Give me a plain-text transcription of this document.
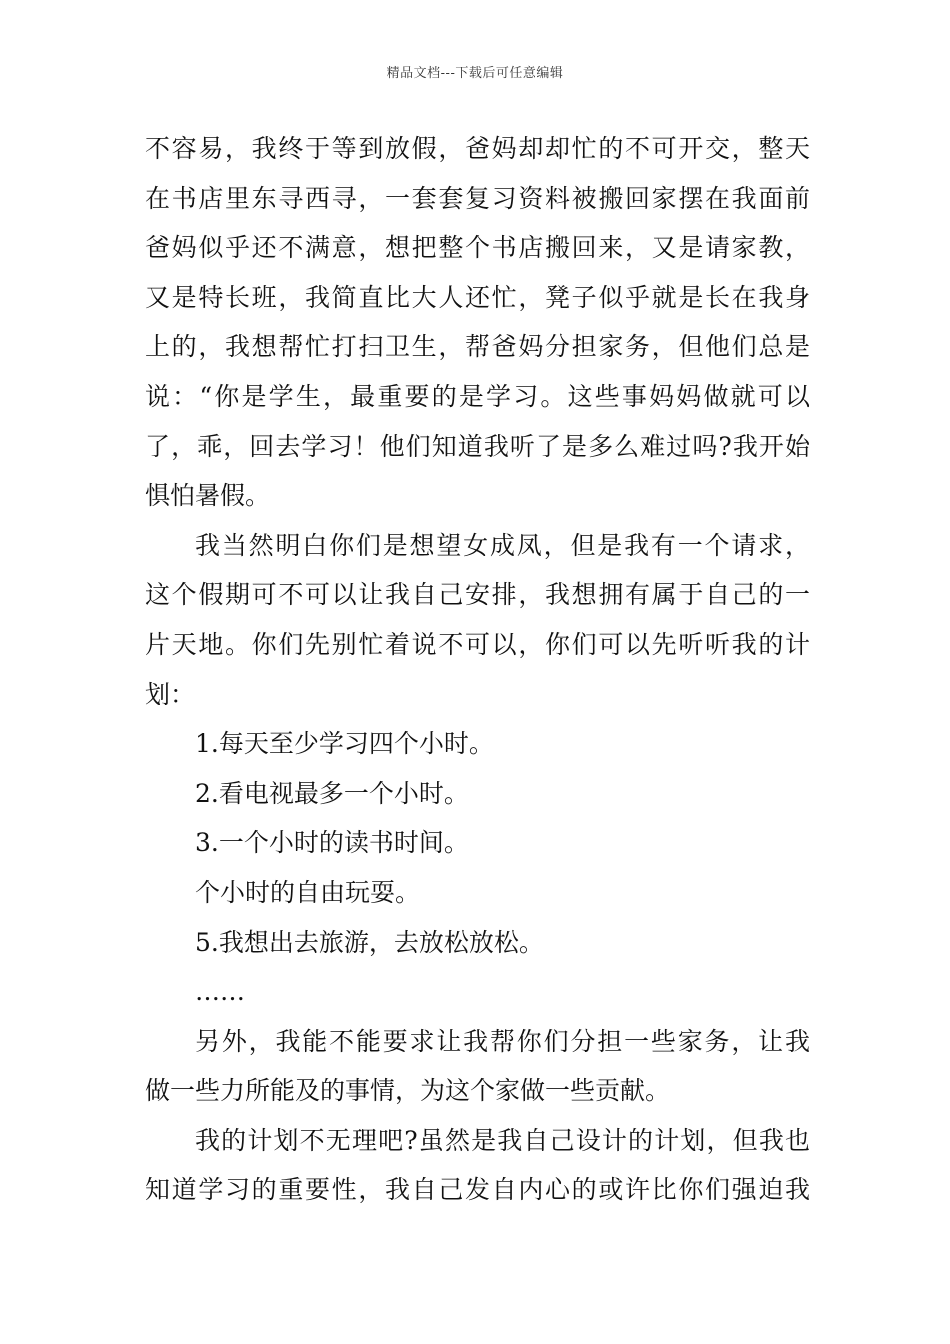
精品文档---下载后可任意编辑
不容易，我终于等到放假，爸妈却却忙的不可开交，整天
在书店里东寻西寻，一套套复习资料被搬回家摆在我面前
爸妈似乎还不满意，想把整个书店搬回来，又是请家教，
又是特长班，我简直比大人还忙，凳子似乎就是长在我身
上的，我想帮忙打扫卫生，帮爸妈分担家务，但他们总是
说：“你是学生，最重要的是学习。这些事妈妈做就可以
了，乖，回去学习！他们知道我听了是多么难过吗?我开始
惧怕暑假。
我当然明白你们是想望女成凤，但是我有一个请求，
这个假期可不可以让我自己安排，我想拥有属于自己的一
片天地。你们先别忙着说不可以，你们可以先听听我的计
划：
1.每天至少学习四个小时。
2.看电视最多一个小时。
3.一个小时的读书时间。
个小时的自由玩耍。
5.我想出去旅游，去放松放松。
……
另外，我能不能要求让我帮你们分担一些家务，让我
做一些力所能及的事情，为这个家做一些贡献。
我的计划不无理吧?虽然是我自己设计的计划，但我也
知道学习的重要性，我自己发自内心的或许比你们强迫我
